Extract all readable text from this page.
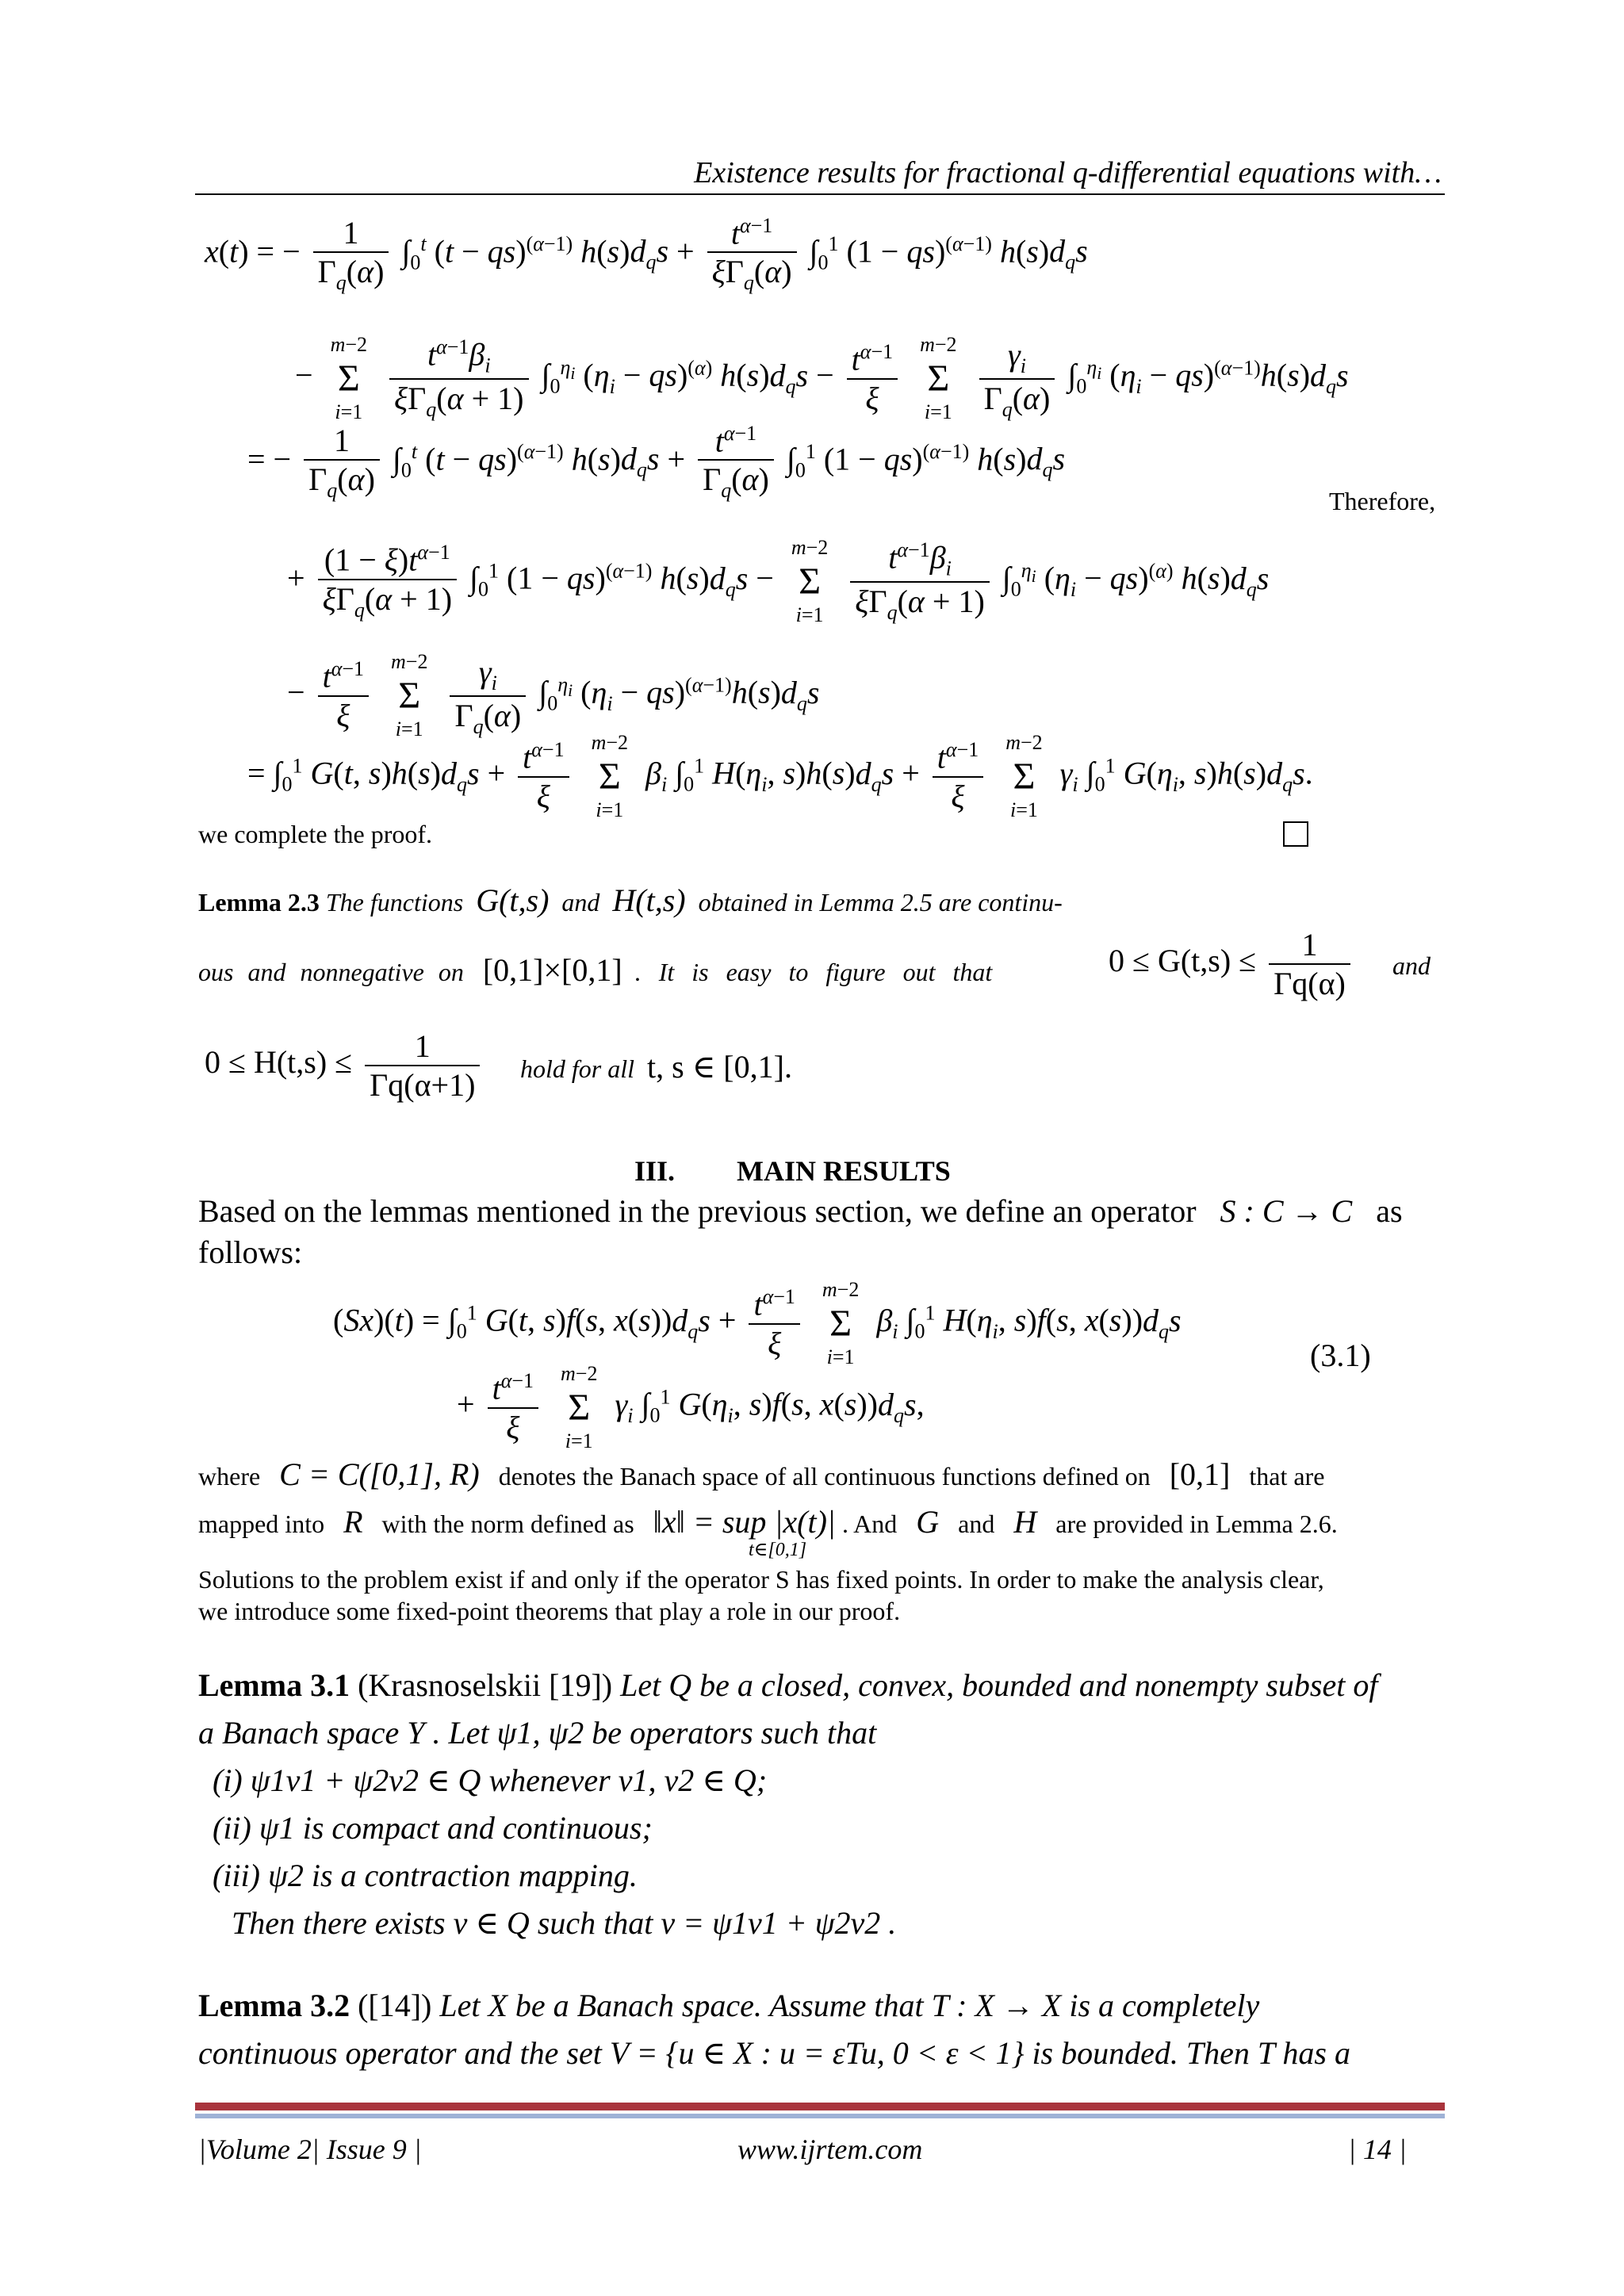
Existence results for fractional q-differential equations with…
x(t) = − $\frac{1}{\Gamma_q(\alpha)} \int_0^t$ (t − qs)$^{(\alpha-1)}$ $h(s)d_qs + \frac{t^{\alpha-1}}{\xi\Gamma_q(\alpha)} \int_0^1$ (1 − qs)$^{(\alpha-1)}$ $h(s)d_qs$
−
m−2
Σ
i=1
$\frac{t^{\alpha-1}\beta_i}{\xi\Gamma_q(\alpha + 1)} \int_0^{\eta_i}$ $(\eta_i - qs)^{(\alpha)}$ $h(s)d_qs - \frac{t^{\alpha-1}}{\xi}$
m−2
Σ
i=1
$\frac{\gamma_i}{\Gamma_q(\alpha)} \int_0^{\eta_i}$ $(\eta_i - qs)^{(\alpha-1)}h(s)d_qs$
= − $\frac{1}{\Gamma_q(\alpha)} \int_0^t$ (t − qs)$^{(\alpha-1)}$ $h(s)d_qs + \frac{t^{\alpha-1}}{\Gamma_q(\alpha)} \int_0^1$ (1 − qs)$^{(\alpha-1)}$ $h(s)d_qs$
Therefore,
+ $\frac{(1 - \xi)t^{\alpha-1}}{\xi\Gamma_q(\alpha + 1)} \int_0^1$ (1 − qs)$^{(\alpha-1)}$ $h(s)d_qs$ −
m−2
Σ
i=1
$\frac{t^{\alpha-1}\beta_i}{\xi\Gamma_q(\alpha + 1)} \int_0^{\eta_i}$ $(\eta_i - qs)^{(\alpha)}$ $h(s)d_qs$
− $\frac{t^{\alpha-1}}{\xi}$
m−2
Σ
i=1
$\frac{\gamma_i}{\Gamma_q(\alpha)} \int_0^{\eta_i}$ $(\eta_i - qs)^{(\alpha-1)}h(s)d_qs$
= $\int_0^1$ G(t, $s)h(s)d_qs + \frac{t^{\alpha-1}}{\xi}$
m−2
Σ
i=1
$\beta_i$ $\int_0^1$ $H(\eta_i$, $s)h(s)d_qs + \frac{t^{\alpha-1}}{\xi}$
m−2
Σ
i=1
$\gamma_i$ $\int_0^1$ $G(\eta_i$, $s)h(s)d_qs$.
we complete the proof.
Lemma 2.3 The functions G(t,s) and H(t,s) obtained in Lemma 2.5 are continu-
ous and nonnegative on [0,1]×[0,1] . It is easy to figure out that	$0 \le G(t,s) \le \frac{1}{\Gamma q(\alpha)}$ and
$0 \le H(t,s) \le \frac{1}{\Gamma q(\alpha+1)}$ hold for all t, s ∈ [0,1].
III. MAIN RESULTS
Based on the lemmas mentioned in the previous section, we define an operator S : C → C as
follows:
$(Sx)(t) = \int_0^1$ G(t, s)f(s, $x(s))d_qs + \frac{t^{\alpha-1}}{\xi}$
m−2
Σ
i=1
$\beta_i$ $\int_0^1$ $H(\eta_i$, s)f(s, $x(s))d_qs$
+ $\frac{t^{\alpha-1}}{\xi}$
m−2
Σ
i=1
$\gamma_i$ $\int_0^1$ $G(\eta_i$, s)f(s, $x(s))d_qs$,
(3.1)
where C = C([0,1], R) denotes the Banach space of all continuous functions defined on [0,1] that are
mapped into R with the norm defined as ‖x‖ = sup |x(t)| . And G and H are provided in Lemma 2.6.
t∈[0,1]
Solutions to the problem exist if and only if the operator S has fixed points. In order to make the analysis clear,
we introduce some fixed-point theorems that play a role in our proof.
Lemma 3.1 (Krasnoselskii [19]) Let Q be a closed, convex, bounded and nonempty subset of
a Banach space Y . Let ψ1, ψ2 be operators such that
(i) ψ1v1 + ψ2v2 ∈ Q whenever v1, v2 ∈ Q;
(ii) ψ1 is compact and continuous;
(iii) ψ2 is a contraction mapping.
Then there exists v ∈ Q such that v = ψ1v1 + ψ2v2 .
Lemma 3.2 ([14]) Let X be a Banach space. Assume that T : X → X is a completely
continuous operator and the set V = {u ∈ X : u = εTu, 0 < ε < 1} is bounded. Then T has a
|Volume 2| Issue 9 |	www.ijrtem.com	| 14 |
